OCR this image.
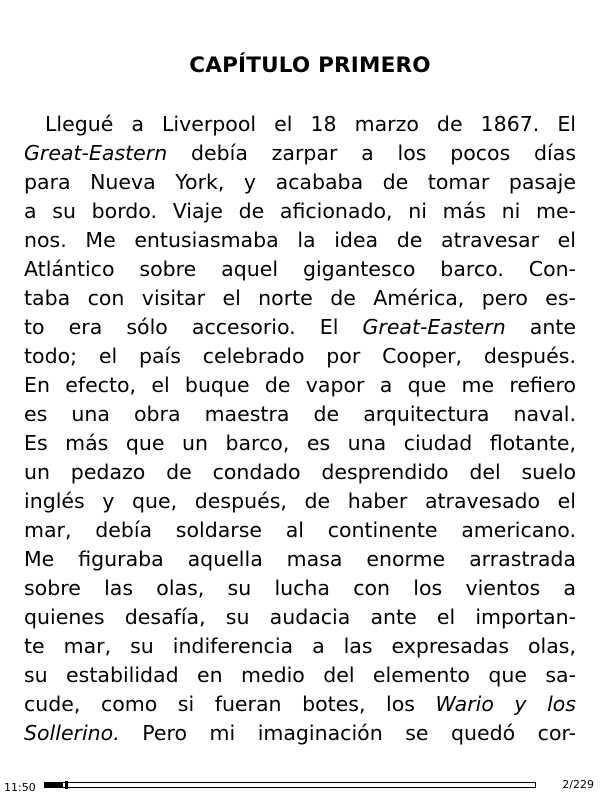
CAPÍTULO PRIMERO
Llegué a Liverpool el 18 marzo de 1867. El
Great-Eastern debía zarpar a los pocos días
para Nueva York, y acababa de tomar pasaje
a su bordo. Viaje de aficionado, ni más ni me-
nos. Me entusiasmaba la idea de atravesar el
Atlántico sobre aquel gigantesco barco. Con-
taba con visitar el norte de América, pero es-
to era sólo accesorio. El Great-Eastern ante
todo; el país celebrado por Cooper, después.
En efecto, el buque de vapor a que me refiero
es una obra maestra de arquitectura naval.
Es más que un barco, es una ciudad flotante,
un pedazo de condado desprendido del suelo
inglés y que, después, de haber atravesado el
mar, debía soldarse al continente americano.
Me figuraba aquella masa enorme arrastrada
sobre las olas, su lucha con los vientos a
quienes desafía, su audacia ante el importan-
te mar, su indiferencia a las expresadas olas,
su estabilidad en medio del elemento que sa-
cude, como si fueran botes, los Wario y los
Sollerino. Pero mi imaginación se quedó cor-
11:50	2/229
